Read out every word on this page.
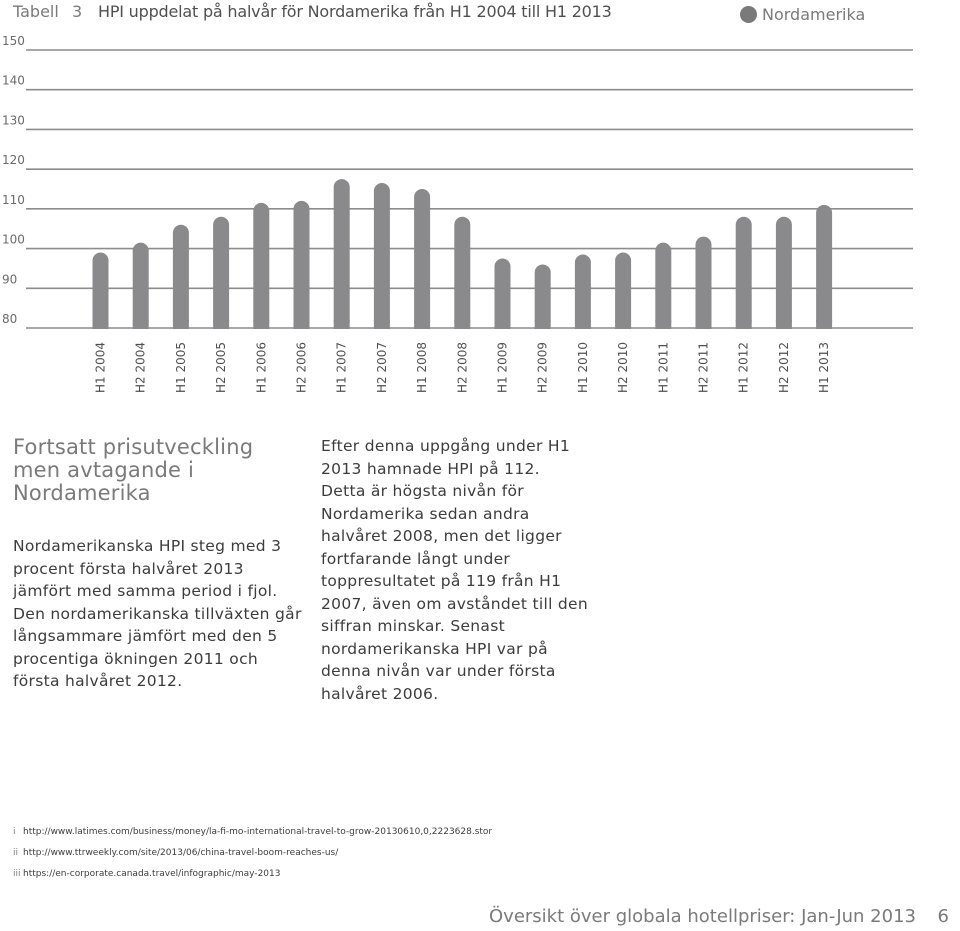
Tabell 3 HPI uppdelat på halvår för Nordamerika från H1 2004 till H1 2013	Nordamerika
150
140
130
120
110
100
90
80
H1 2004 H2 2004 H1 2005 H2 2005 H1 2006 H2 2006 H1 2007 H2 2007 H1 2008 H2 2008 H1 2009 H2 2009 H1 2010 H2 2010 H1 2011 H2 2011 H1 2012 H2 2012 H1 2013
Fortsatt prisutveckling men avtagande i Nordamerika
Nordamerikanska HPI steg med 3 procent första halvåret 2013 jämfört med samma period i fjol. Den nordamerikanska tillväxten går långsammare jämfört med den 5 procentiga ökningen 2011 och första halvåret 2012.

Efter denna uppgång under H1 2013 hamnade HPI på 112.

Detta är högsta nivån för Nordamerika sedan andra halvåret 2008, men det ligger fortfarande långt under toppresultatet på 119 från H1 2007, även om avståndet till den siffran minskar. Senast nordamerikanska HPI var på denna nivån var under första halvåret 2006.

i http://www.latimes.com/business/money/la-fi-mo-international-travel-to-grow-20130610,0,2223628.stor
ii http://www.ttrweekly.com/site/2013/06/china-travel-boom-reaches-us/
iii https://en-corporate.canada.travel/infographic/may-2013
Översikt över globala hotellpriser: Jan-Jun 2013 6
